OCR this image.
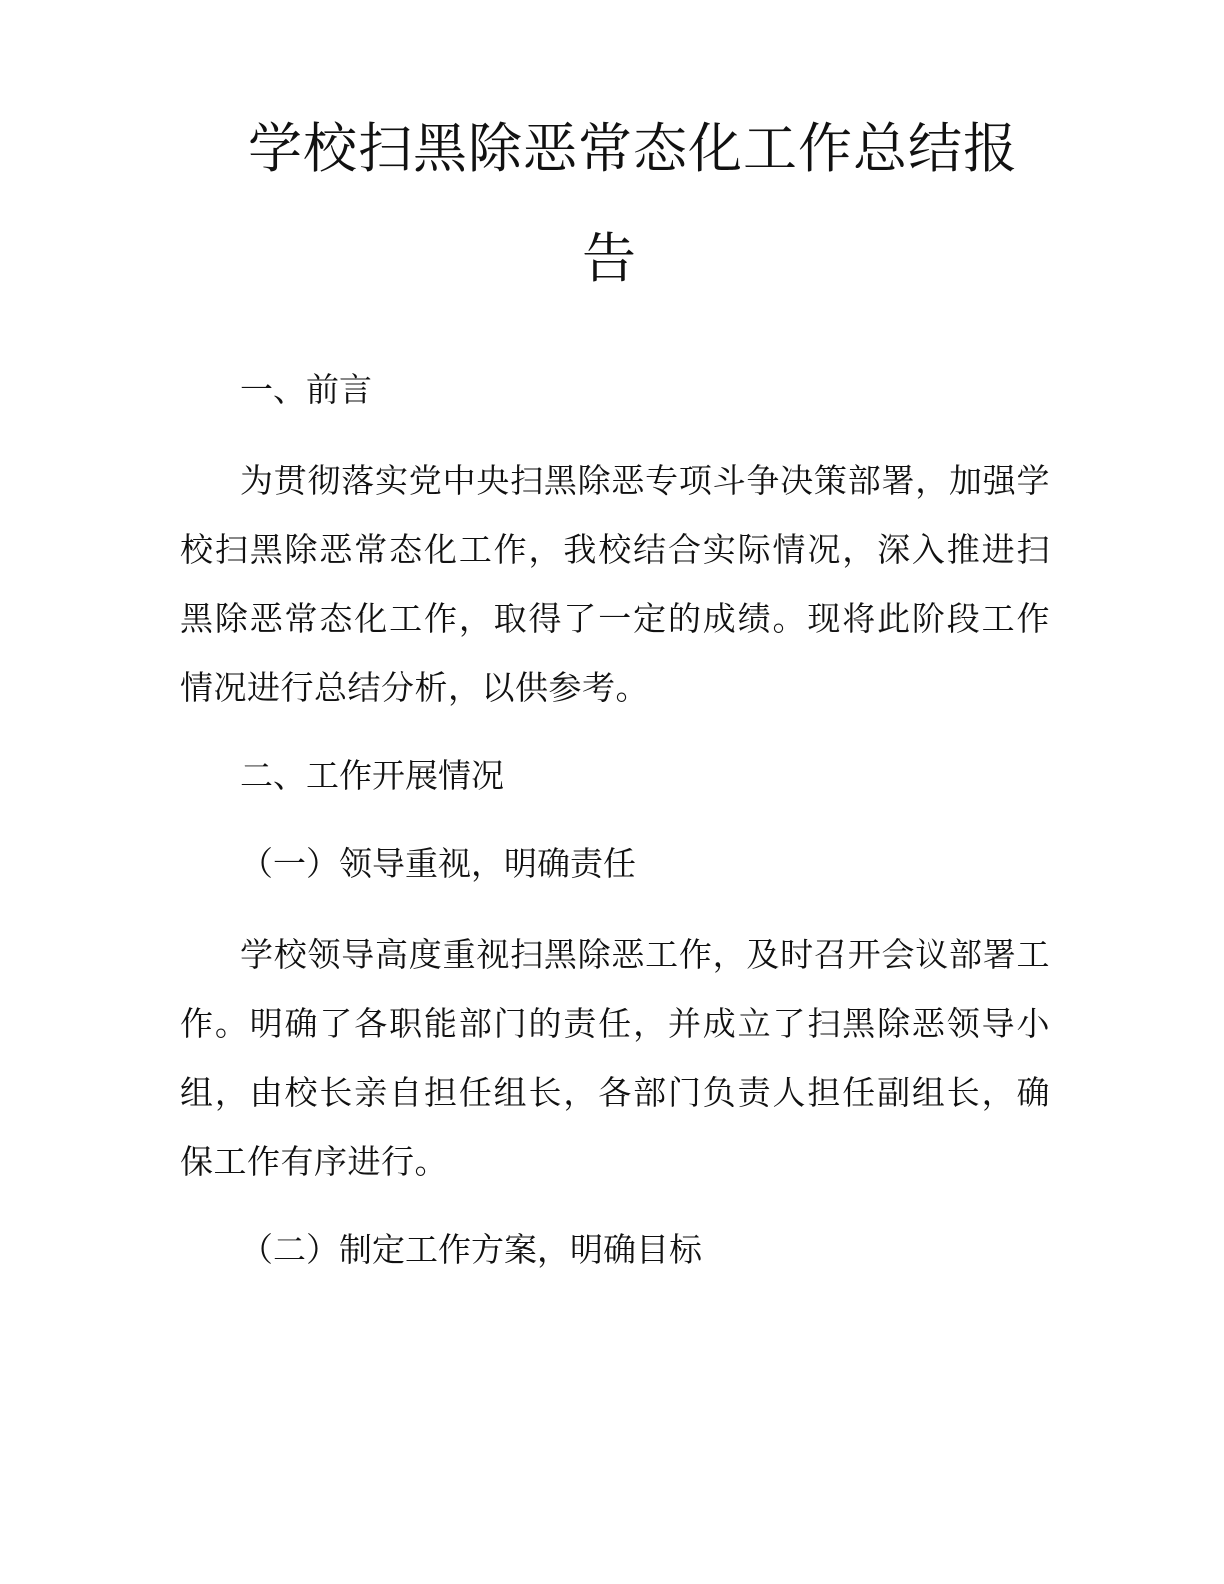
学校扫黑除恶常态化工作总结报
告
一、前言

为贯彻落实党中央扫黑除恶专项斗争决策部署，加强学校扫黑除恶常态化工作，我校结合实际情况，深入推进扫黑除恶常态化工作，取得了一定的成绩。现将此阶段工作情况进行总结分析，以供参考。

二、工作开展情况
（一）领导重视，明确责任

学校领导高度重视扫黑除恶工作，及时召开会议部署工作。明确了各职能部门的责任，并成立了扫黑除恶领导小组，由校长亲自担任组长，各部门负责人担任副组长，确保工作有序进行。

（二）制定工作方案，明确目标
